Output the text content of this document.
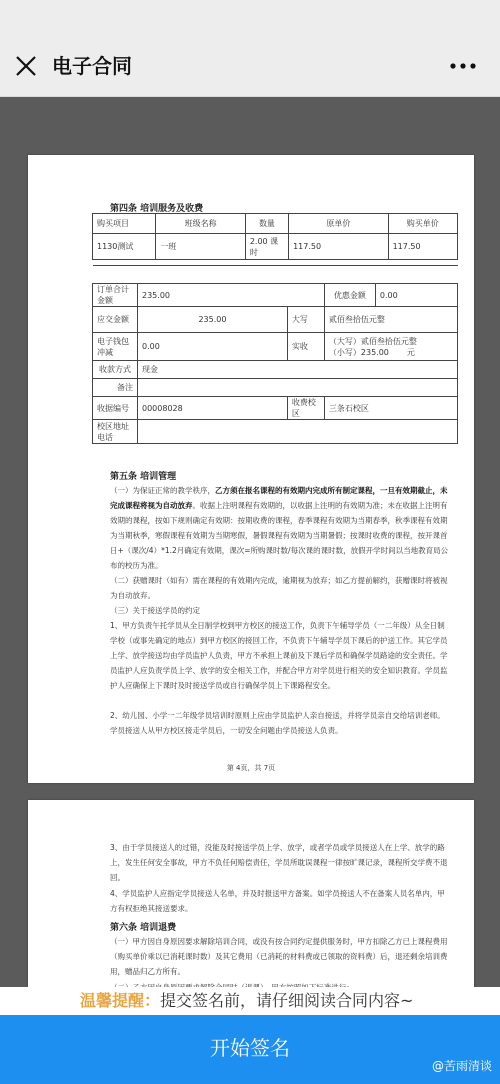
电子合同
第四条 培训服务及收费
购买项目	班级名称	数量	原单价	购买单价
1130测试	一班	2.00 课时	117.50	117.50

订单合计金额	235.00		优惠金额	0.00
应交金额	235.00	大写	贰佰叁拾伍元整	
电子钱包冲减	0.00	实收	（大写）贰佰叁拾伍元整
（小写）235.00 元	

收款方式	现金			
备注				
收据编号	00008028	收费校区	三条石校区	
校区地址电话				
第五条 培训管理
（一）为保证正常的教学秩序，乙方须在报名课程的有效期内完成所有制定课程，一旦有效期截止，未完成课程将视为自动放弃。收据上注明课程有效期的，以收据上注明的有效期为准；未在收据上注明有效期的课程，按如下规则确定有效期：按期收费的课程，春季课程有效期为当期春季，秋季课程有效期为当期秋季，寒假课程有效期为当期寒假，暑假课程有效期为当期暑假；按课时收费的课程，按开课首日+（课次/4）*1.2月确定有效期，课次=所购课时数/每次课的课时数，放假开学时间以当地教育局公布的校历为准。
（二）获赠课时（如有）需在课程的有效期内完成，逾期视为放弃；如乙方提前解约，获赠课时将被视为自动放弃。
（三）关于接送学员的约定
1、甲方负责午托学员从全日制学校到甲方校区的接送工作，负责下午辅导学员（一二年级）从全日制学校（或事先确定的地点）到甲方校区的接回工作，不负责下午辅导学员下课后的护送工作。其它学员上学、放学接送均由学员监护人负责，甲方不承担上课前及下课后学员和确保学员路途的安全责任。学员监护人应负责学员上学、放学的安全相关工作，并配合甲方对学员进行相关的安全知识教育。学员监护人应确保上下课时及时接送学员或自行确保学员上下课路程安全。
2、幼儿园、小学一二年级学员培训时原则上应由学员监护人亲自接送，并将学员亲自交给培训老师。学员接送人从甲方校区接走学员后，一切安全问题由学员接送人负责。
第 4页，共 7页
3、由于学员接送人的过错，没能及时接送学员上学、放学，或者学员或学员接送人在上学、放学的路上，发生任何安全事故，甲方不负任何赔偿责任，学员所耽误课程一律按旷课记录，课程所交学费不退回。
4、学员监护人应指定学员接送人名单，并及时报送甲方备案。如学员接送人不在备案人员名单内，甲方有权拒绝其接送要求。
第六条 培训退费
（一）甲方因自身原因要求解除培训合同，或没有按合同约定提供服务时，甲方扣除乙方已上课程费用（购买单价乘以已消耗课时数）及其它费用（已消耗的材料费或已领取的资料费）后，退还剩余培训费用，赠品归乙方所有。
温馨提醒：提交签名前，请仔细阅读合同内容~
开始签名
@苦雨清谈
